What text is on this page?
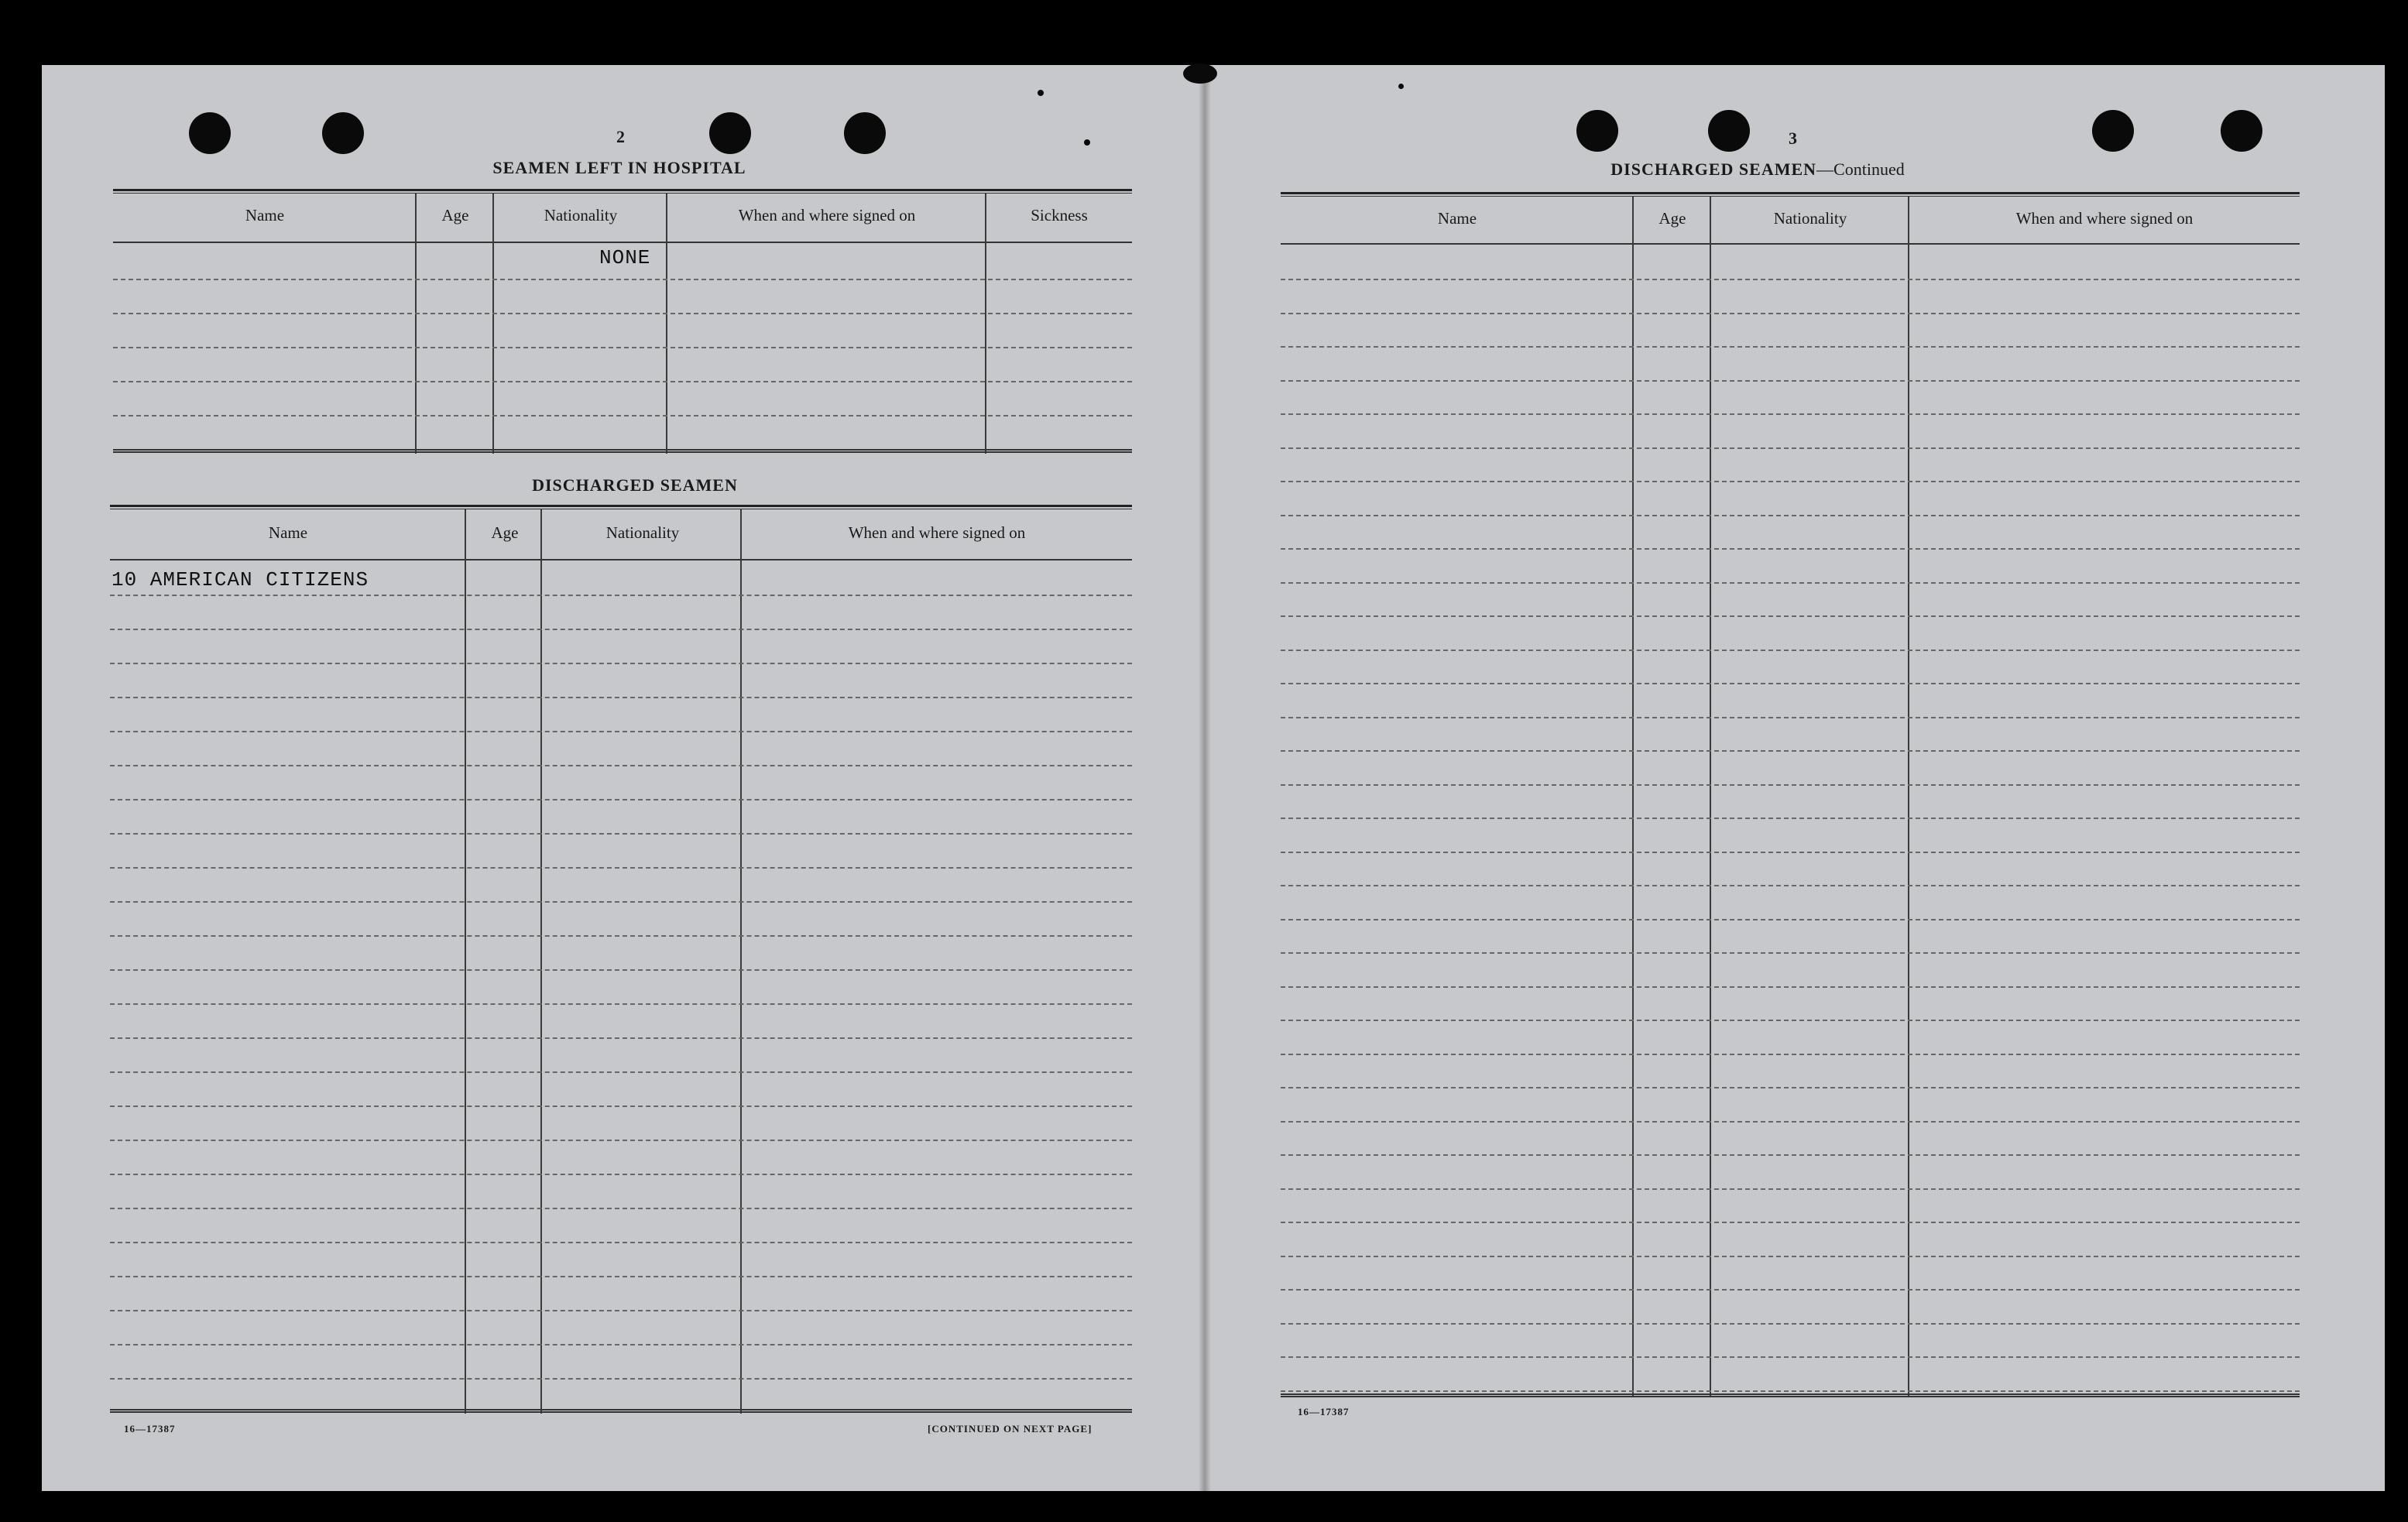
2
SEAMEN LEFT IN HOSPITAL
Name	Age	Nationality	When and where signed on	Sickness
NONE
DISCHARGED SEAMEN
Name	Age	Nationality	When and where signed on
10 AMERICAN CITIZENS
16—17387	[CONTINUED ON NEXT PAGE]
3
DISCHARGED SEAMEN—Continued
Name	Age	Nationality	When and where signed on
16—17387
